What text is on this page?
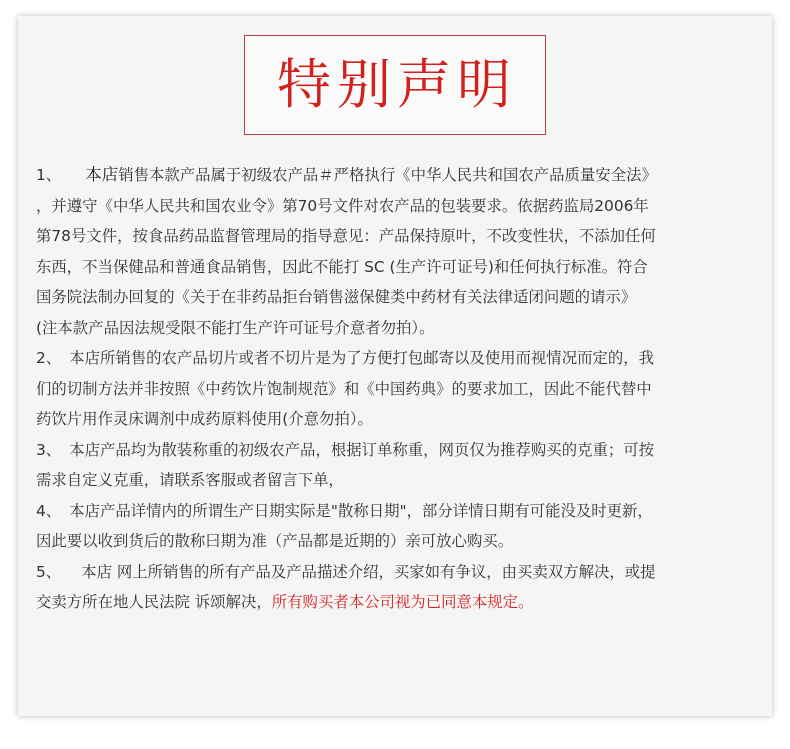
特别声明
1、 本店销售本款产品属于初级农产品＃严格执行《中华人民共和国农产品质量安全法》
，并遵守《中华人民共和国农业令》第70号文件对农产品的包装要求。依据药监局2006年
第78号文件，按食品药品监督管理局的指导意见：产品保持原叶，不改变性状，不添加任何
东西，不当保健品和普通食品销售，因此不能打 SC (生产许可证号)和任何执行标准。符合
国务院法制办回复的《关于在非药品拒台销售滋保健类中药材有关法律适闭问题的请示》
(注本款产品因法规受限不能打生产许可证号介意者勿拍）。
2、 本店所销售的农产品切片或者不切片是为了方便打包邮寄以及使用而视情况而定的，我
们的切制方法并非按照《中药饮片饱制规范》和《中国药典》的要求加工，因此不能代替中
药饮片用作灵床调剂中成药原料使用(介意勿拍）。
3、 本店产品均为散装称重的初级农产品，根据订单称重，网页仅为推荐购买的克重；可按
需求自定义克重，请联系客服或者留言下单，
4、 本店产品详情内的所谓生产日期实际是"散称日期"，部分详情日期有可能没及时更新，
因此要以收到货后的散称曰期为准（产品都是近期的）亲可放心购买。
5、 本店 网上所销售的所有产品及产品描述介绍，买家如有争议，由买卖双方解决，或提
交卖方所在地人民法院 诉颂解决，所有购买者本公司视为已同意本规定。
